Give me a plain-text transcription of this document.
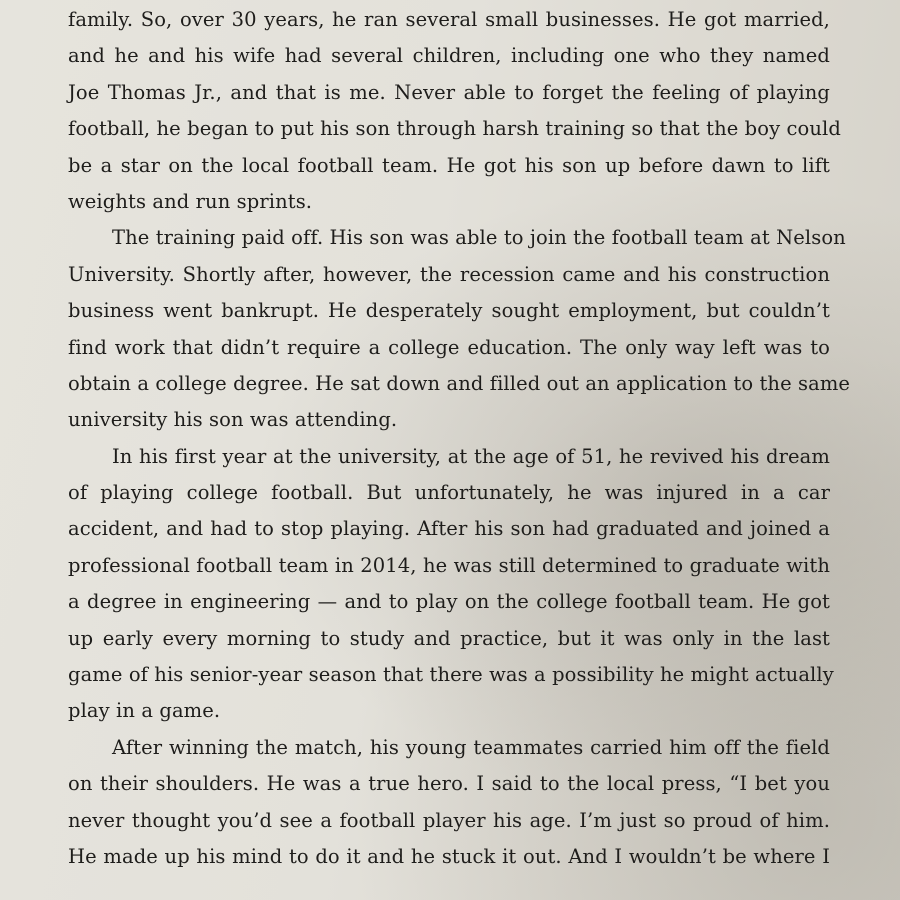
family. So, over 30 years, he ran several small businesses. He got married,
and he and his wife had several children, including one who they named
Joe Thomas Jr., and that is me. Never able to forget the feeling of playing
football, he began to put his son through harsh training so that the boy could
be a star on the local football team. He got his son up before dawn to lift
weights and run sprints.
The training paid off. His son was able to join the football team at Nelson
University. Shortly after, however, the recession came and his construction
business went bankrupt. He desperately sought employment, but couldn’t
find work that didn’t require a college education. The only way left was to
obtain a college degree. He sat down and filled out an application to the same
university his son was attending.
In his first year at the university, at the age of 51, he revived his dream
of playing college football. But unfortunately, he was injured in a car
accident, and had to stop playing. After his son had graduated and joined a
professional football team in 2014, he was still determined to graduate with
a degree in engineering — and to play on the college football team. He got
up early every morning to study and practice, but it was only in the last
game of his senior-year season that there was a possibility he might actually
play in a game.
After winning the match, his young teammates carried him off the field
on their shoulders. He was a true hero. I said to the local press, “I bet you
never thought you’d see a football player his age. I’m just so proud of him.
He made up his mind to do it and he stuck it out. And I wouldn’t be where I
